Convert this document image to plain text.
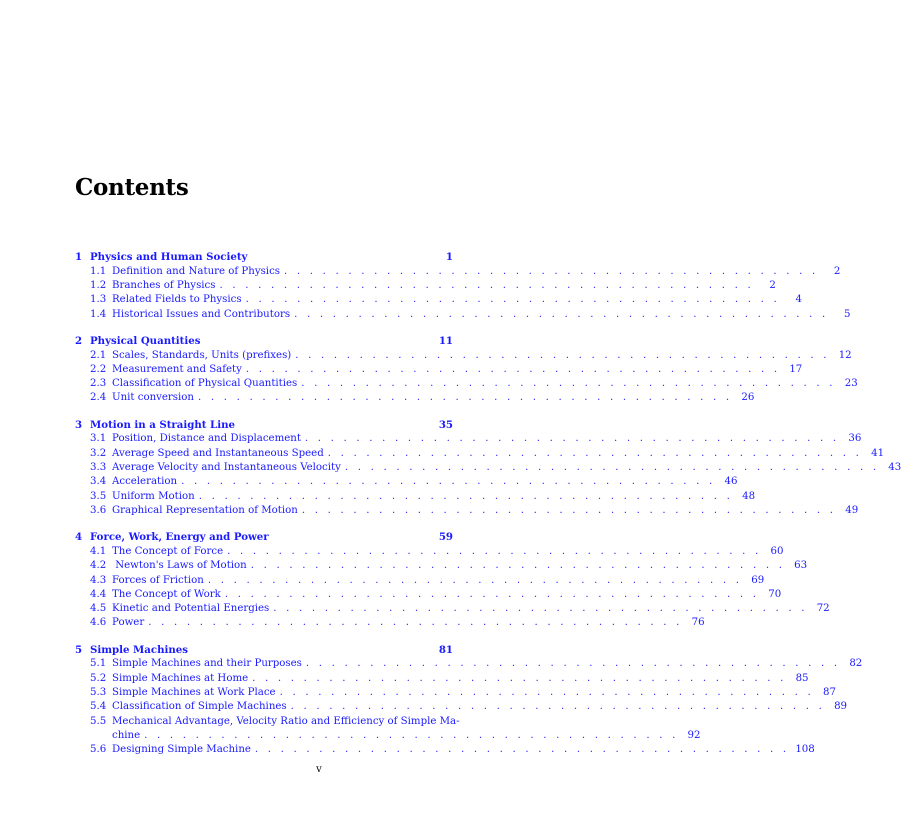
Contents
1 Physics and Human Society	1
1.1 Definition and Nature of Physics . . . . . . . . . . . . . . . . . . . . . . . . . . . . . . . . . . . . . . . . . .	2
1.2 Branches of Physics . . . . . . . . . . . . . . . . . . . . . . . . . . . . . . . . . . . . . . . . . .	2
1.3 Related Fields to Physics . . . . . . . . . . . . . . . . . . . . . . . . . . . . . . . . . . . . . . . . . .	4
1.4 Historical Issues and Contributors . . . . . . . . . . . . . . . . . . . . . . . . . . . . . . . . . . . . . . . . . .	5
2 Physical Quantities	11
2.1 Scales, Standards, Units (prefixes) . . . . . . . . . . . . . . . . . . . . . . . . . . . . . . . . . . . . . . . . . . 12
2.2 Measurement and Safety . . . . . . . . . . . . . . . . . . . . . . . . . . . . . . . . . . . . . . . . . . 17
2.3 Classification of Physical Quantities . . . . . . . . . . . . . . . . . . . . . . . . . . . . . . . . . . . . . . . . . . 23
2.4 Unit conversion . . . . . . . . . . . . . . . . . . . . . . . . . . . . . . . . . . . . . . . . . . 26
3 Motion in a Straight Line	35
3.1 Position, Distance and Displacement . . . . . . . . . . . . . . . . . . . . . . . . . . . . . . . . . . . . . . . . . . 36
3.2 Average Speed and Instantaneous Speed . . . . . . . . . . . . . . . . . . . . . . . . . . . . . . . . . . . . . . . . . . 41
3.3 Average Velocity and Instantaneous Velocity . . . . . . . . . . . . . . . . . . . . . . . . . . . . . . . . . . . . . . . . . . 43
3.4 Acceleration . . . . . . . . . . . . . . . . . . . . . . . . . . . . . . . . . . . . . . . . . . 46
3.5 Uniform Motion . . . . . . . . . . . . . . . . . . . . . . . . . . . . . . . . . . . . . . . . . . 48
3.6 Graphical Representation of Motion . . . . . . . . . . . . . . . . . . . . . . . . . . . . . . . . . . . . . . . . . . 49
4 Force, Work, Energy and Power	59
4.1 The Concept of Force . . . . . . . . . . . . . . . . . . . . . . . . . . . . . . . . . . . . . . . . . . 60
4.2 Newton's Laws of Motion . . . . . . . . . . . . . . . . . . . . . . . . . . . . . . . . . . . . . . . . . . 63
4.3 Forces of Friction . . . . . . . . . . . . . . . . . . . . . . . . . . . . . . . . . . . . . . . . . . 69
4.4 The Concept of Work . . . . . . . . . . . . . . . . . . . . . . . . . . . . . . . . . . . . . . . . . . 70
4.5 Kinetic and Potential Energies . . . . . . . . . . . . . . . . . . . . . . . . . . . . . . . . . . . . . . . . . . 72
4.6 Power . . . . . . . . . . . . . . . . . . . . . . . . . . . . . . . . . . . . . . . . . . 76
5 Simple Machines	81
5.1 Simple Machines and their Purposes . . . . . . . . . . . . . . . . . . . . . . . . . . . . . . . . . . . . . . . . . . 82
5.2 Simple Machines at Home . . . . . . . . . . . . . . . . . . . . . . . . . . . . . . . . . . . . . . . . . . 85
5.3 Simple Machines at Work Place . . . . . . . . . . . . . . . . . . . . . . . . . . . . . . . . . . . . . . . . . . 87
5.4 Classification of Simple Machines . . . . . . . . . . . . . . . . . . . . . . . . . . . . . . . . . . . . . . . . . . 89
5.5 Mechanical Advantage, Velocity Ratio and Efficiency of Simple Ma-
chine . . . . . . . . . . . . . . . . . . . . . . . . . . . . . . . . . . . . . . . . . . 92
5.6 Designing Simple Machine . . . . . . . . . . . . . . . . . . . . . . . . . . . . . . . . . . . . . . . . . . 108
v
